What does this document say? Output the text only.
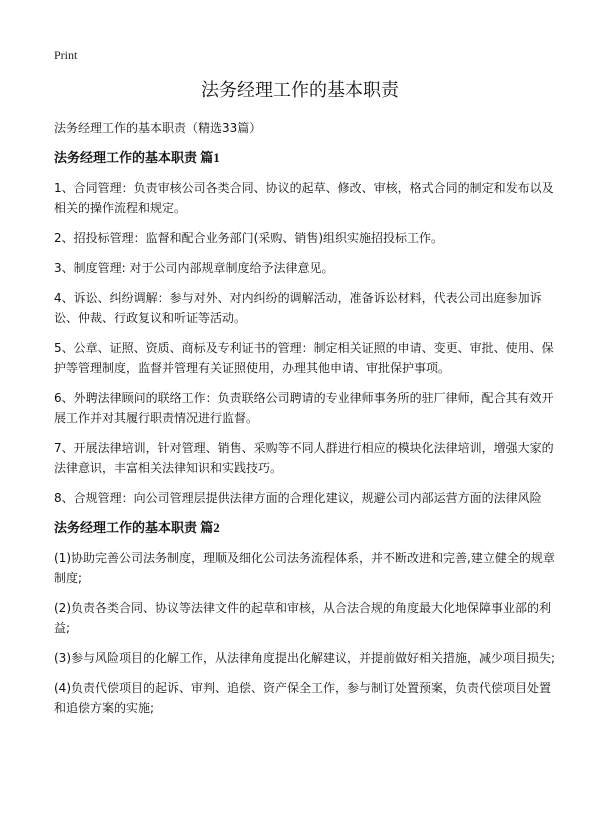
Print
法务经理工作的基本职责
法务经理工作的基本职责（精选33篇）
法务经理工作的基本职责 篇1
1、合同管理：负责审核公司各类合同、协议的起草、修改、审核，格式合同的制定和发布以及相关的操作流程和规定。
2、招投标管理：监督和配合业务部门(采购、销售)组织实施招投标工作。
3、制度管理: 对于公司内部规章制度给予法律意见。
4、诉讼、纠纷调解：参与对外、对内纠纷的调解活动，准备诉讼材料，代表公司出庭参加诉讼、仲裁、行政复议和听证等活动。
5、公章、证照、资质、商标及专利证书的管理：制定相关证照的申请、变更、审批、使用、保护等管理制度，监督并管理有关证照使用，办理其他申请、审批保护事项。
6、外聘法律顾问的联络工作：负责联络公司聘请的专业律师事务所的驻厂律师，配合其有效开展工作并对其履行职责情况进行监督。
7、开展法律培训，针对管理、销售、采购等不同人群进行相应的模块化法律培训，增强大家的法律意识，丰富相关法律知识和实践技巧。
8、合规管理：向公司管理层提供法律方面的合理化建议，规避公司内部运营方面的法律风险
法务经理工作的基本职责 篇2
(1)协助完善公司法务制度，理顺及细化公司法务流程体系，并不断改进和完善,建立健全的规章制度;
(2)负责各类合同、协议等法律文件的起草和审核，从合法合规的角度最大化地保障事业部的利益;
(3)参与风险项目的化解工作，从法律角度提出化解建议，并提前做好相关措施，减少项目损失;
(4)负责代偿项目的起诉、审判、追偿、资产保全工作，参与制订处置预案，负责代偿项目处置和追偿方案的实施;
